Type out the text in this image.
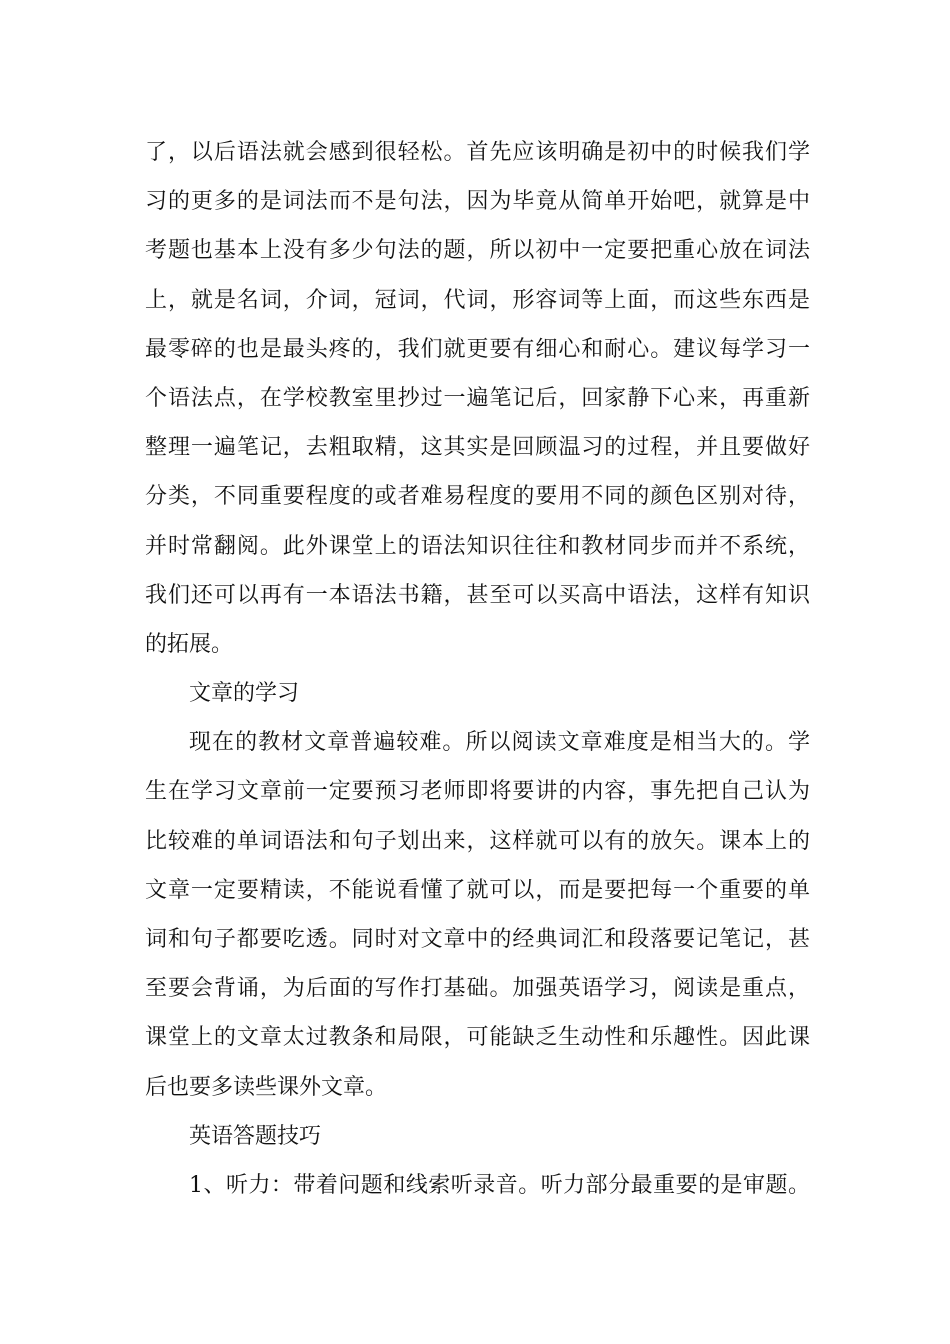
了，以后语法就会感到很轻松。首先应该明确是初中的时候我们学
习的更多的是词法而不是句法，因为毕竟从简单开始吧，就算是中
考题也基本上没有多少句法的题，所以初中一定要把重心放在词法
上，就是名词，介词，冠词，代词，形容词等上面，而这些东西是
最零碎的也是最头疼的，我们就更要有细心和耐心。建议每学习一
个语法点，在学校教室里抄过一遍笔记后，回家静下心来，再重新
整理一遍笔记，去粗取精，这其实是回顾温习的过程，并且要做好
分类，不同重要程度的或者难易程度的要用不同的颜色区别对待，
并时常翻阅。此外课堂上的语法知识往往和教材同步而并不系统，
我们还可以再有一本语法书籍，甚至可以买高中语法，这样有知识
的拓展。
文章的学习
现在的教材文章普遍较难。所以阅读文章难度是相当大的。学
生在学习文章前一定要预习老师即将要讲的内容，事先把自己认为
比较难的单词语法和句子划出来，这样就可以有的放矢。课本上的
文章一定要精读，不能说看懂了就可以，而是要把每一个重要的单
词和句子都要吃透。同时对文章中的经典词汇和段落要记笔记，甚
至要会背诵，为后面的写作打基础。加强英语学习，阅读是重点，
课堂上的文章太过教条和局限，可能缺乏生动性和乐趣性。因此课
后也要多读些课外文章。
英语答题技巧
1、听力：带着问题和线索听录音。听力部分最重要的是审题。
